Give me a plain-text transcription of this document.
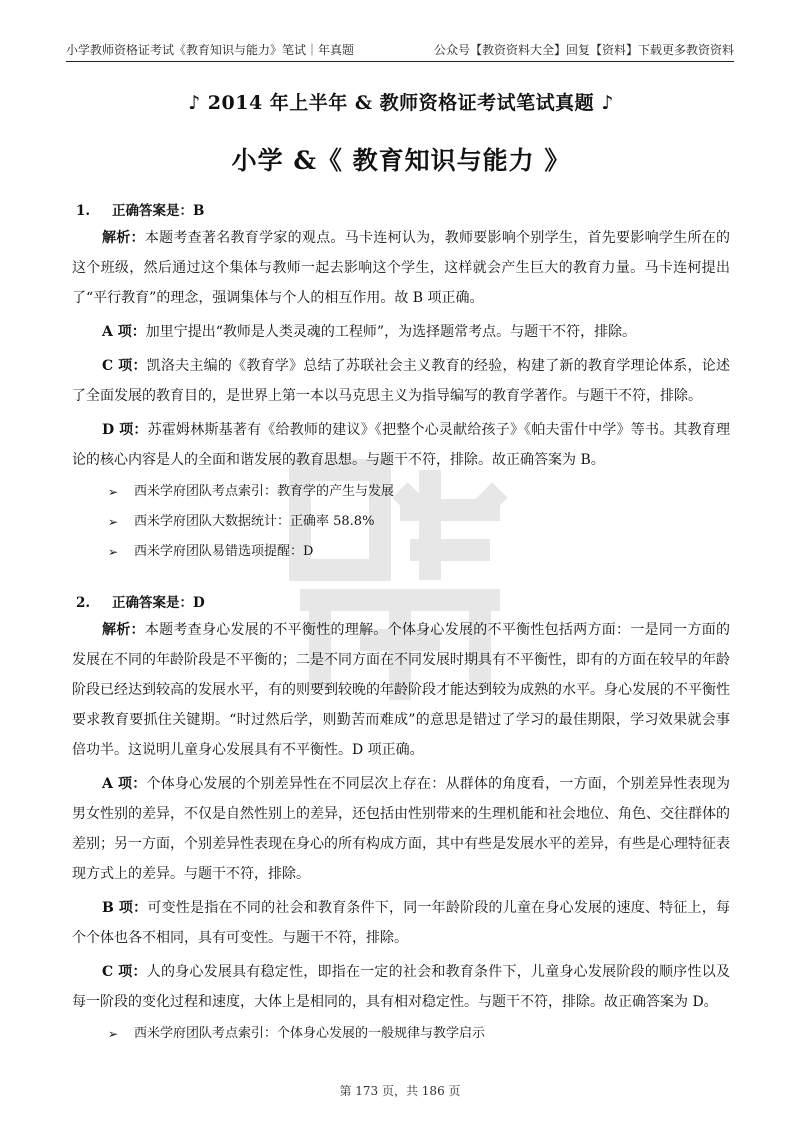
小学教师资格证考试《教育知识与能力》笔试｜年真题	公众号【教资资料大全】回复【资料】下载更多教资资料
♪ 2014 年上半年 & 教师资格证考试笔试真题 ♪
小学 &《 教育知识与能力 》
1. 正确答案是：B

解析：本题考查著名教育学家的观点。马卡连柯认为，教师要影响个别学生，首先要影响学生所在的这个班级，然后通过这个集体与教师一起去影响这个学生，这样就会产生巨大的教育力量。马卡连柯提出了“平行教育”的理念，强调集体与个人的相互作用。故 B 项正确。

A 项：加里宁提出“教师是人类灵魂的工程师”，为选择题常考点。与题干不符，排除。

C 项：凯洛夫主编的《教育学》总结了苏联社会主义教育的经验，构建了新的教育学理论体系，论述了全面发展的教育目的，是世界上第一本以马克思主义为指导编写的教育学著作。与题干不符，排除。

D 项：苏霍姆林斯基著有《给教师的建议》《把整个心灵献给孩子》《帕夫雷什中学》等书。其教育理论的核心内容是人的全面和谐发展的教育思想。与题干不符，排除。故正确答案为 B。

➢	西米学府团队考点索引：教育学的产生与发展
➢	西米学府团队大数据统计：正确率 58.8%
➢	西米学府团队易错选项提醒：D
2. 正确答案是：D

解析：本题考查身心发展的不平衡性的理解。个体身心发展的不平衡性包括两方面：一是同一方面的发展在不同的年龄阶段是不平衡的；二是不同方面在不同发展时期具有不平衡性，即有的方面在较早的年龄阶段已经达到较高的发展水平，有的则要到较晚的年龄阶段才能达到较为成熟的水平。身心发展的不平衡性要求教育要抓住关键期。“时过然后学，则勤苦而难成”的意思是错过了学习的最佳期限，学习效果就会事倍功半。这说明儿童身心发展具有不平衡性。D 项正确。

A 项：个体身心发展的个别差异性在不同层次上存在：从群体的角度看，一方面，个别差异性表现为男女性别的差异，不仅是自然性别上的差异，还包括由性别带来的生理机能和社会地位、角色、交往群体的差别；另一方面，个别差异性表现在身心的所有构成方面，其中有些是发展水平的差异，有些是心理特征表现方式上的差异。与题干不符，排除。

B 项：可变性是指在不同的社会和教育条件下，同一年龄阶段的儿童在身心发展的速度、特征上，每个个体也各不相同，具有可变性。与题干不符，排除。

C 项：人的身心发展具有稳定性，即指在一定的社会和教育条件下，儿童身心发展阶段的顺序性以及每一阶段的变化过程和速度，大体上是相同的，具有相对稳定性。与题干不符，排除。故正确答案为 D。

➢	西米学府团队考点索引：个体身心发展的一般规律与教学启示
第 173 页，共 186 页
